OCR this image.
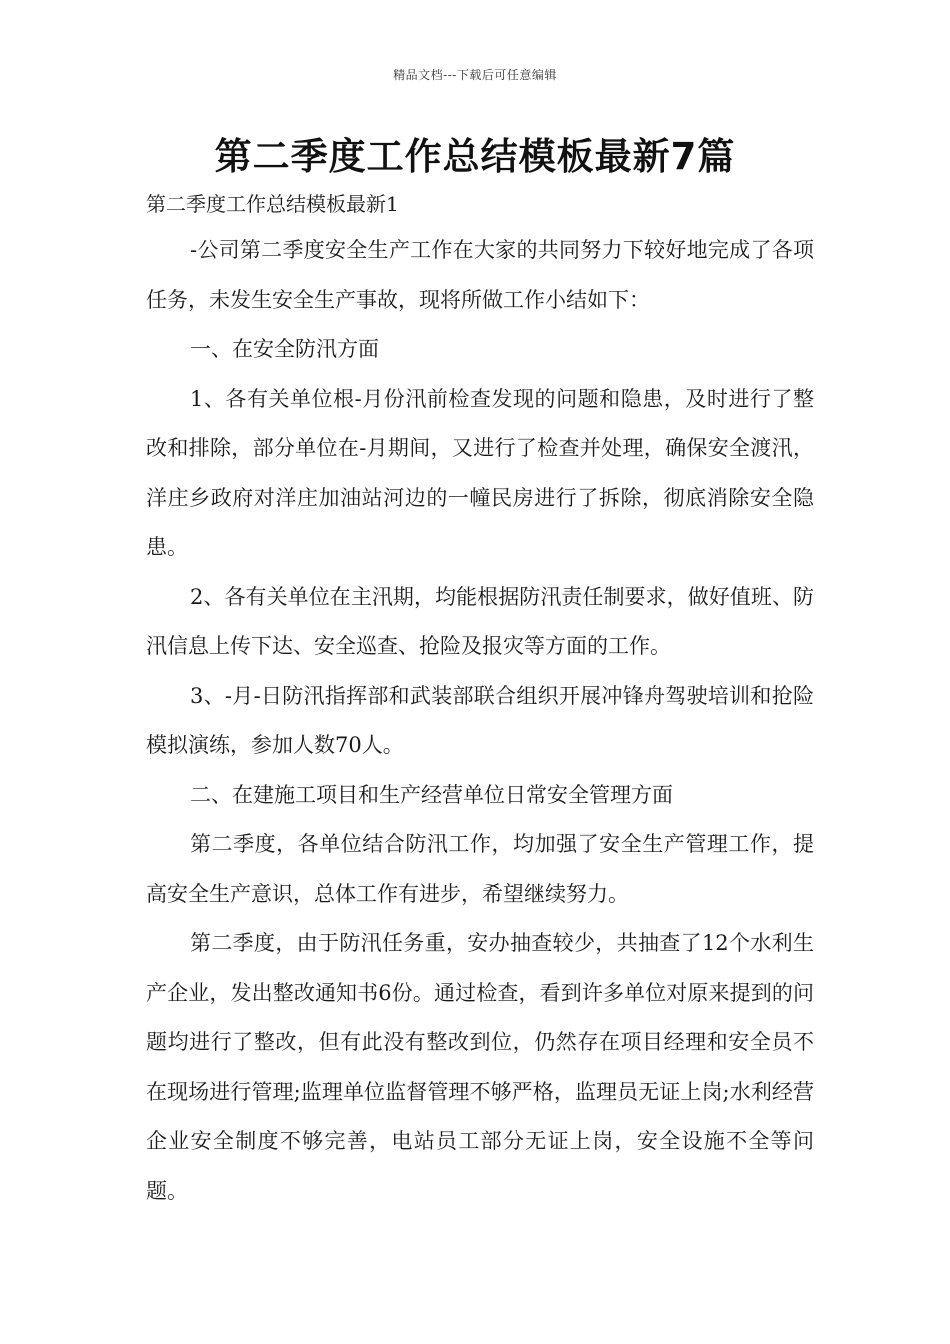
精品文档---下载后可任意编辑
第二季度工作总结模板最新7篇
第二季度工作总结模板最新1

-公司第二季度安全生产工作在大家的共同努力下较好地完成了各项任务，未发生安全生产事故，现将所做工作小结如下：

一、在安全防汛方面

1、各有关单位根-月份汛前检查发现的问题和隐患，及时进行了整改和排除，部分单位在-月期间，又进行了检查并处理，确保安全渡汛，洋庄乡政府对洋庄加油站河边的一幢民房进行了拆除，彻底消除安全隐患。

2、各有关单位在主汛期，均能根据防汛责任制要求，做好值班、防汛信息上传下达、安全巡查、抢险及报灾等方面的工作。

3、-月-日防汛指挥部和武装部联合组织开展冲锋舟驾驶培训和抢险模拟演练，参加人数70人。

二、在建施工项目和生产经营单位日常安全管理方面

第二季度，各单位结合防汛工作，均加强了安全生产管理工作，提高安全生产意识，总体工作有进步，希望继续努力。

第二季度，由于防汛任务重，安办抽查较少，共抽查了12个水利生产企业，发出整改通知书6份。通过检查，看到许多单位对原来提到的问题均进行了整改，但有此没有整改到位，仍然存在项目经理和安全员不在现场进行管理;监理单位监督管理不够严格，监理员无证上岗;水利经营企业安全制度不够完善，电站员工部分无证上岗，安全设施不全等问题。
